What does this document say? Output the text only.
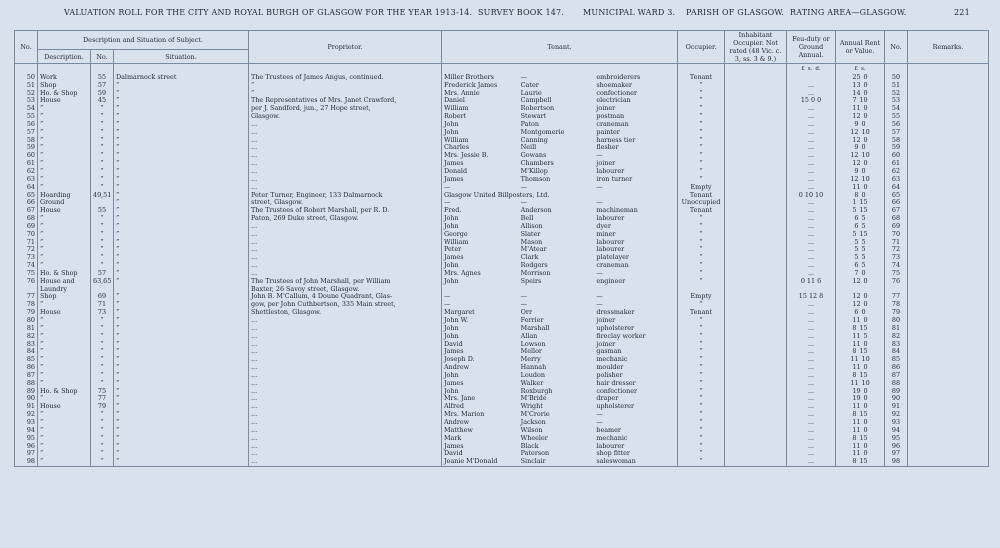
VALUATION ROLL FOR THE CITY AND ROYAL BURGH OF GLASGOW FOR THE YEAR 1913-14. SURVEY BOOK 147. MUNICIPAL WARD 3. PARISH OF GLASGOW. RATING AREA—GLASGOW.	221
No.	Description and Situation of Subject.			Proprietor.	Tenant.	Occupier.	Inhabitant Occupier. Not rated (48 Vic. c. 3, ss. 3 & 9.)	Feu-duty or Ground Annual.	Annual Rent or Value.	No.	Remarks.
	Description.	No.	Situation.								

								£ s. d.	£ s.		

50	Work	55	Dalmarnock street	The Trustees of James Angus, continued.	Miller Brothers — embroiderers	Tenant			25 0	50	
51	Shop	57	”	”	Frederick James Cater shoemaker	”		...	13 0	51	
52	Ho. & Shop	59	”	”	Mrs. Annie Laurie confectioner	”		...	14 0	52	
53	House	45	”	The Representatives of Mrs. Janet Crawford,	Daniel Campbell electrician	”		15 0 0	7 10	53	
54	”	”	”	per J. Sandford, jun., 27 Hope street,	William Robertson joiner	”		...	11 0	54	
55	”	”	”	Glasgow.	Robert Stewart postman	”		...	12 0	55	
56	”	”	”	...	John Paton craneman	”		...	9 0	56	
57	”	”	”	...	John Montgomerie painter	”		...	12 10	57	
58	”	”	”	...	William Canning harness tier	”		...	12 0	58	
59	”	”	”	...	Charles Neill flesher	”		...	9 0	59	
60	”	”	”	...	Mrs. Jessie B. Gowans —	”		...	12 10	60	
61	”	”	”	...	James Chambers joiner	”		...	12 0	61	
62	”	”	”	...	Donald M'Killop labourer	”		...	9 0	62	
63	”	”	”	...	James Thomson iron turner	”		...	12 10	63	
64	”	”	”	...	— — —	Empty		...	11 0	64	
65	Hoarding	49,51	”	Peter Turner, Engineer, 133 Dalmarnock	Glasgow United Billposters, Ltd.	Tenant		0 10 10	8 0	65	
66	Ground		”	street, Glasgow.	— — —	Unoccupied		...	1 15	66	
67	House	55	”	The Trustees of Robert Marshall, per R. D.	Fred. Anderson machineman	Tenant		...	5 15	67	
68	”	”	”	Paton, 269 Duke street, Glasgow.	John Bell labourer	”		...	6 5	68	
69	”	”	”	...	John Allison dyer	”		...	6 5	69	
70	”	”	”	...	George Slater miner	”		...	5 15	70	
71	”	”	”	...	William Mason labourer	”		...	5 5	71	
72	”	”	”	...	Peter M'Atear labourer	”		...	5 5	72	
73	”	”	”	...	James Clark platelayer	”		...	5 5	73	
74	”	”	”	...	John Rodgers craneman	”		...	6 5	74	
75	Ho. & Shop	57	”	...	Mrs. Agnes Morrison —	”		...	7 0	75	
76	House and	63,65	”	The Trustees of John Marshall, per William	John Speirs engineer	”		0 11 6	12 0	76	
	Laundry			Baxter, 26 Savoy street, Glasgow.	

77	Shop	69	”	John B. M'Callum, 4 Doune Quadrant, Glas-	— — —	Empty		15 12 8	12 0	77	
78	”	71	”	gow, per John Cuthbertson, 335 Main street,	— — —	”		...	12 0	78	
79	House	73	”	Shettleston, Glasgow.	Margaret Orr dressmaker	Tenant		...	6 0	79	
80	”	”	”	...	John W. Ferrier joiner	”		...	11 0	80	
81	”	”	”	...	John Marshall upholsterer	”		...	8 15	81	
82	”	”	”	...	John Allan fireclay worker	”		...	11 5	82	
83	”	”	”	...	David Lowson joiner	”		...	11 0	83	
84	”	”	”	...	James Mellor gasman	”		...	8 15	84	
85	”	”	”	...	Joseph D. Merry mechanic	”		...	11 10	85	
86	”	”	”	...	Andrew Hannah moulder	”		...	11 0	86	
87	”	”	”	...	John Loudon polisher	”		...	8 15	87	
88	”	”	”	...	James Walker hair dresser	”		...	11 10	88	
89	Ho. & Shop	75	”	...	John Roxburgh confectioner	”		...	19 0	89	
90	”	77	”	...	Mrs. Jane M'Bride draper	”		...	19 0	90	
91	House	79	”	...	Alfred Wright upholsterer	”		...	11 0	91	
92	”	”	”	...	Mrs. Marion M'Crorie —	”		...	8 15	92	
93	”	”	”	...	Andrew Jackson —	”		...	11 0	93	
94	”	”	”	...	Matthew Wilson beamer	”		...	11 0	94	
95	”	”	”	...	Mark Wheeler mechanic	”		...	8 15	95	
96	”	”	”	...	James Black labourer	”		...	11 0	96	
97	”	”	”	...	David Paterson shop fitter	”		...	11 0	97	
98	”	”	”	...	Jeanie M'Donald Sinclair saleswoman	”		...	8 15	98	
